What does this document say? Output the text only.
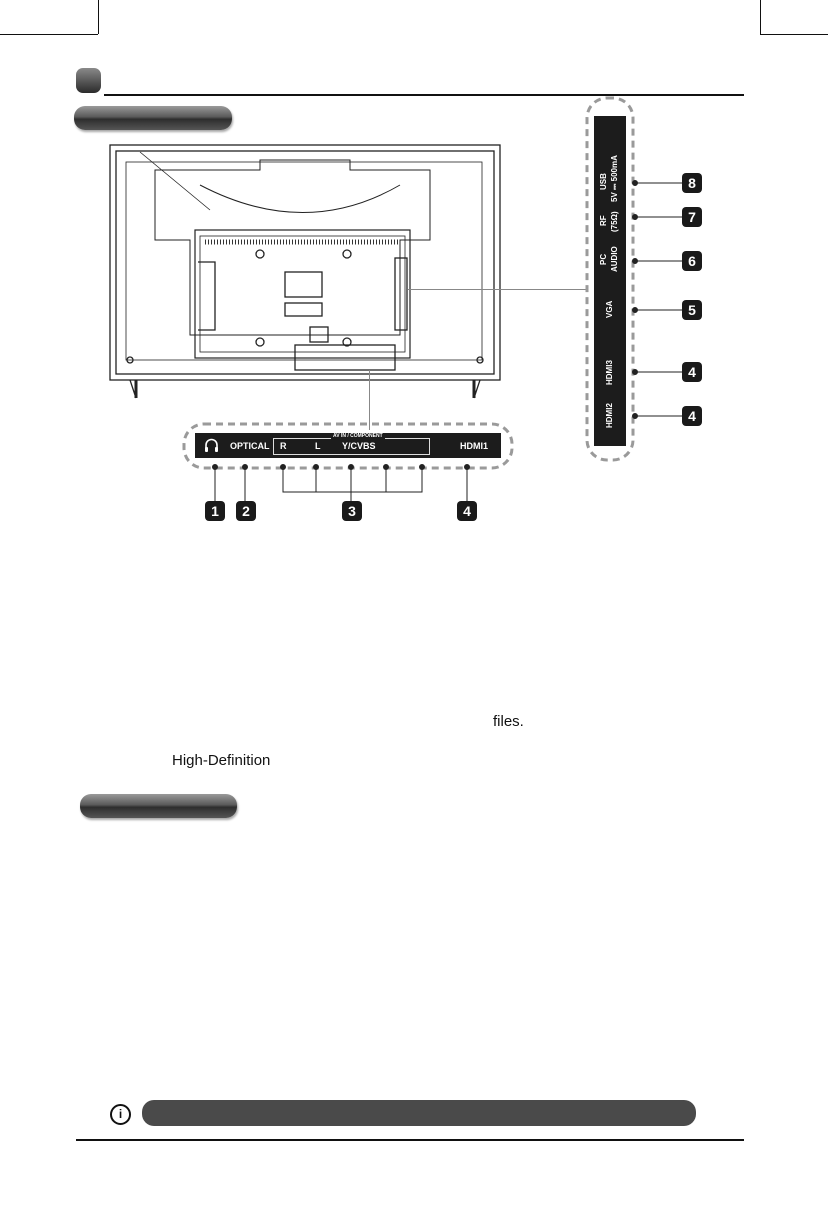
USB 5V ⎓ 500mA
RF (75Ω)
PC AUDIO
VGA
HDMI3
HDMI2
8
7
6
5
4
4
OPTICAL
AV IN / COMPONENT
R	L Y/CVBS	HDMI1
1	2	3	4
files.
High-Definition
i
